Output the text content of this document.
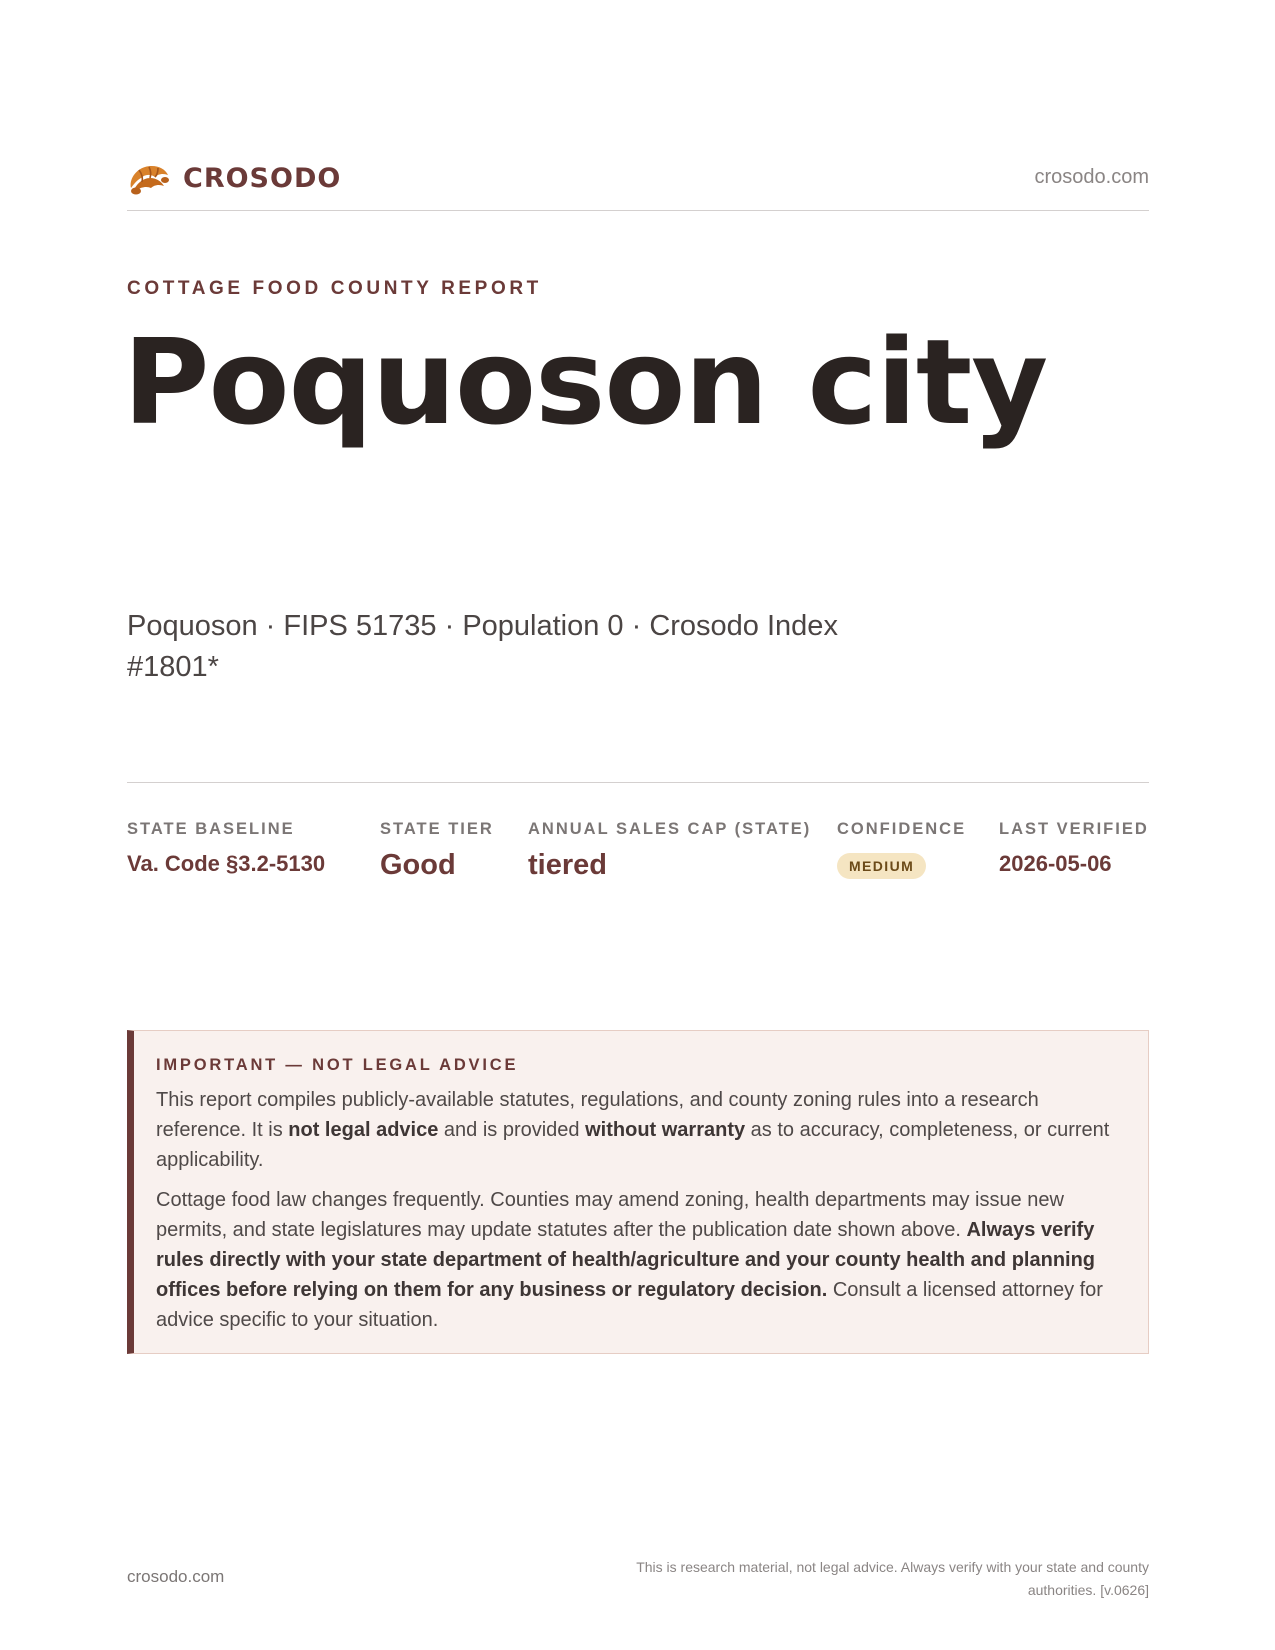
CROSODO	crosodo.com
COTTAGE FOOD COUNTY REPORT
Poquoson city
Poquoson · FIPS 51735 · Population 0 · Crosodo Index #1801*
STATE BASELINE
Va. Code §3.2-5130
STATE TIER
Good
ANNUAL SALES CAP (STATE)
tiered
CONFIDENCE
MEDIUM
LAST VERIFIED
2026-05-06
IMPORTANT — NOT LEGAL ADVICE

This report compiles publicly-available statutes, regulations, and county zoning rules into a research reference. It is not legal advice and is provided without warranty as to accuracy, completeness, or current applicability.

Cottage food law changes frequently. Counties may amend zoning, health departments may issue new permits, and state legislatures may update statutes after the publication date shown above. Always verify rules directly with your state department of health/agriculture and your county health and planning offices before relying on them for any business or regulatory decision. Consult a licensed attorney for advice specific to your situation.

crosodo.com	This is research material, not legal advice. Always verify with your state and county authorities. [v.0626]
